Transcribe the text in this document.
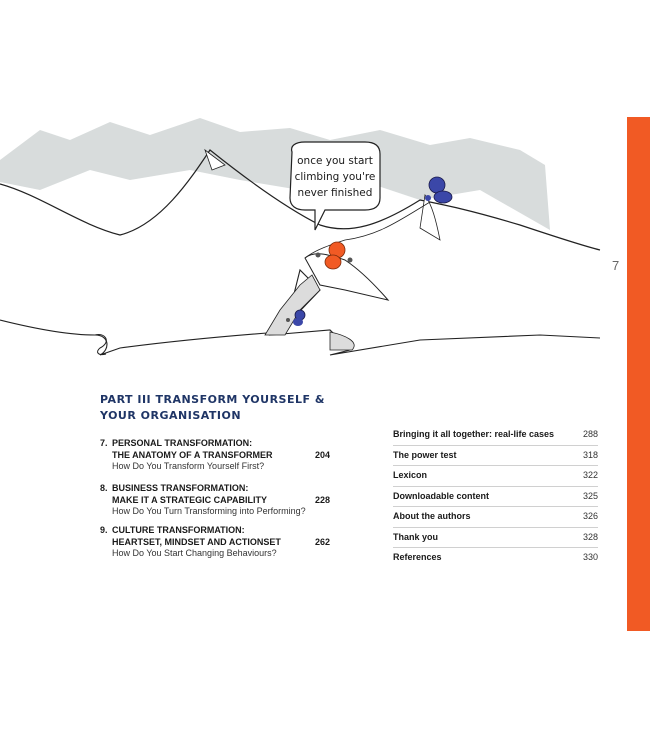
7
once you start
climbing you're
never finished
PART III TRANSFORM YOURSELF &
YOUR ORGANISATION
7. PERSONAL TRANSFORMATION:
THE ANATOMY OF A TRANSFORMER	204
How Do You Transform Yourself First?
8. BUSINESS TRANSFORMATION:
MAKE IT A STRATEGIC CAPABILITY	228
How Do You Turn Transforming into Performing?
9. CULTURE TRANSFORMATION:
HEARTSET, MINDSET AND ACTIONSET	262
How Do You Start Changing Behaviours?
Bringing it all together: real-life cases	288
The power test	318
Lexicon	322
Downloadable content	325
About the authors	326
Thank you	328
References	330
